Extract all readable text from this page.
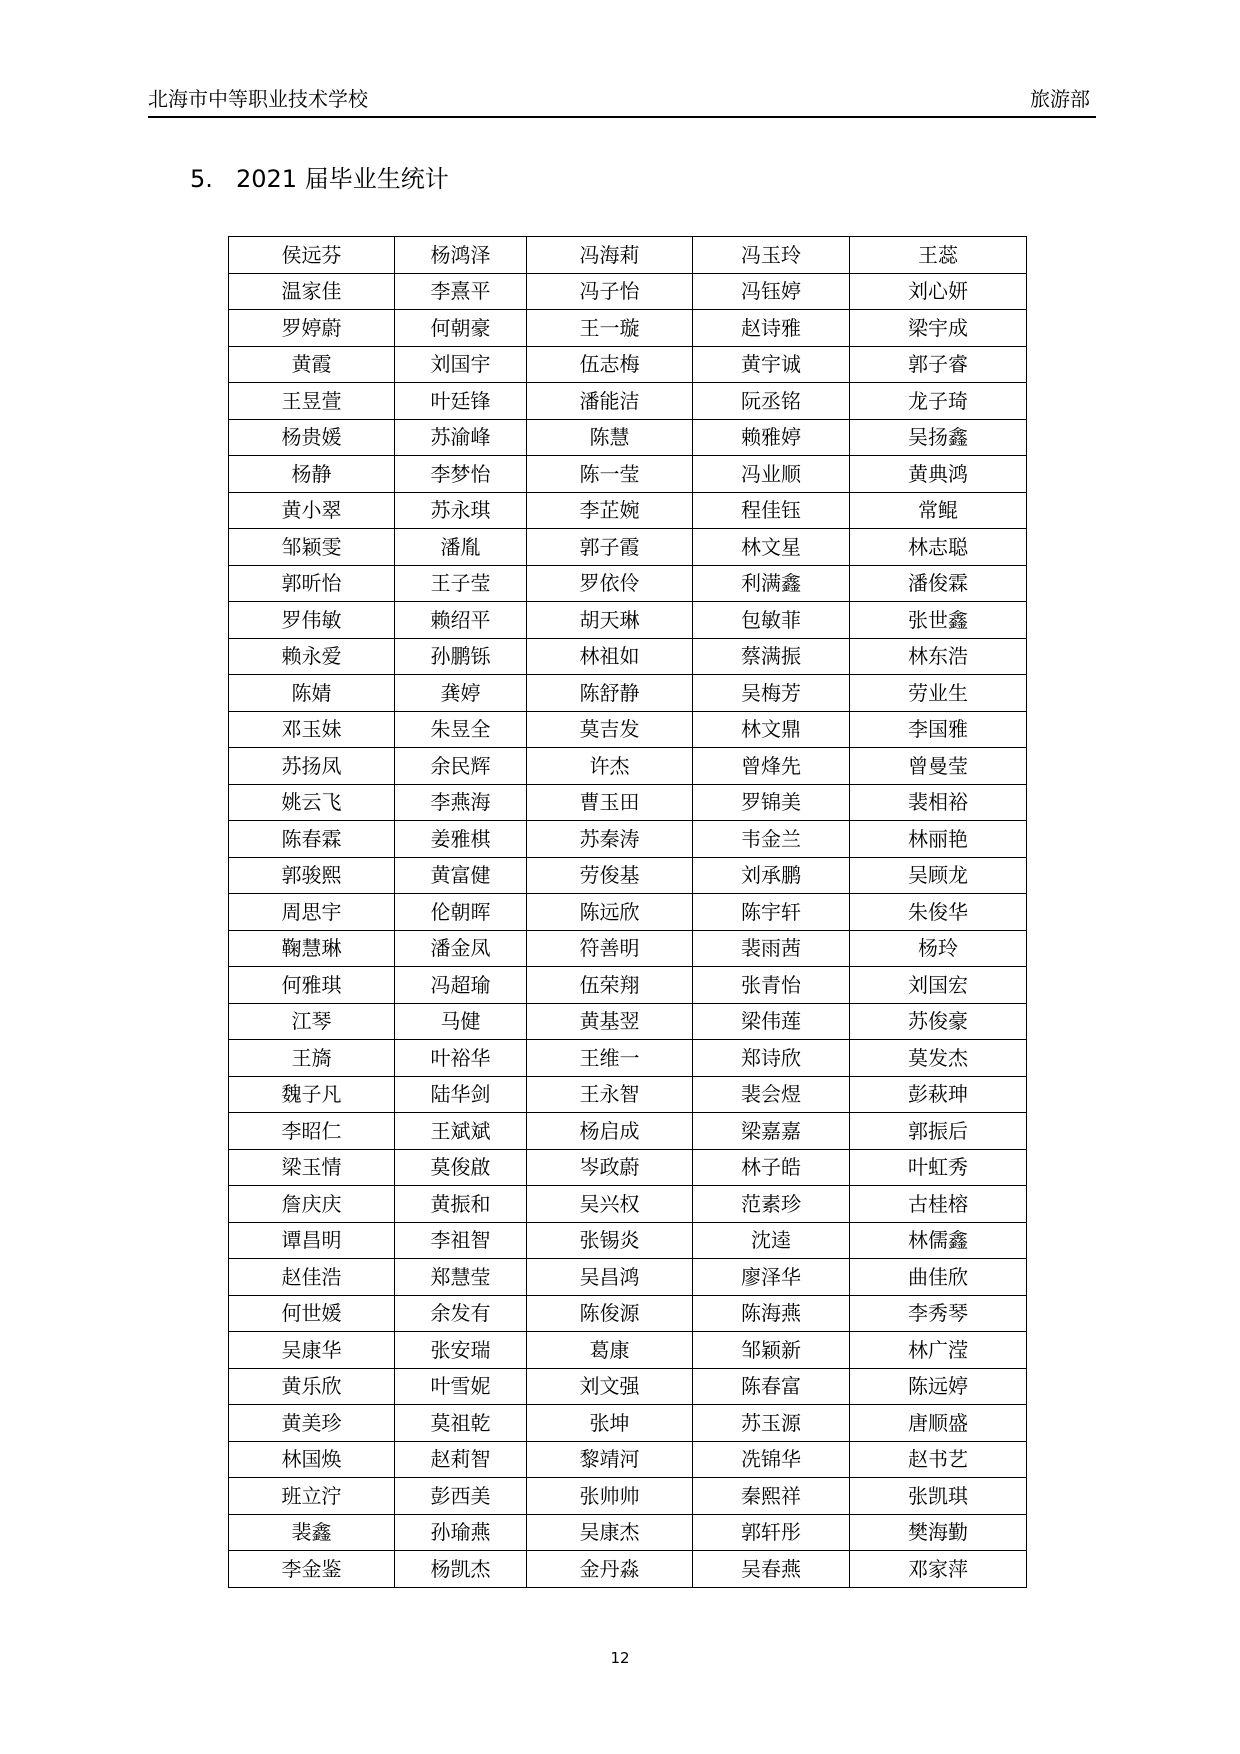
北海市中等职业技术学校	旅游部
5. 2021 届毕业生统计
侯远芬	杨鸿泽	冯海莉	冯玉玲	王蕊
温家佳	李熹平	冯子怡	冯钰婷	刘心妍
罗婷蔚	何朝豪	王一璇	赵诗雅	梁宇成
黄霞	刘国宇	伍志梅	黄宇诚	郭子睿
王昱萱	叶廷锋	潘能洁	阮丞铭	龙子琦
杨贵媛	苏渝峰	陈慧	赖雅婷	吴扬鑫
杨静	李梦怡	陈一莹	冯业顺	黄典鸿
黄小翠	苏永琪	李芷婉	程佳钰	常鲲
邹颖雯	潘胤	郭子霞	林文星	林志聪
郭昕怡	王子莹	罗依伶	利满鑫	潘俊霖
罗伟敏	赖绍平	胡天琳	包敏菲	张世鑫
赖永爱	孙鹏铄	林祖如	蔡满振	林东浩
陈婧	龚婷	陈舒静	吴梅芳	劳业生
邓玉妹	朱昱全	莫吉发	林文鼎	李国雅
苏扬凤	余民辉	许杰	曾烽先	曾曼莹
姚云飞	李燕海	曹玉田	罗锦美	裴相裕
陈春霖	姜雅棋	苏秦涛	韦金兰	林丽艳
郭骏熙	黄富健	劳俊基	刘承鹏	吴顾龙
周思宇	伦朝晖	陈远欣	陈宇轩	朱俊华
鞠慧琳	潘金凤	符善明	裴雨茜	杨玲
何雅琪	冯超瑜	伍荣翔	张青怡	刘国宏
江琴	马健	黄基翌	梁伟莲	苏俊豪
王旖	叶裕华	王维一	郑诗欣	莫发杰
魏子凡	陆华剑	王永智	裴会煜	彭萩珅
李昭仁	王斌斌	杨启成	梁嘉嘉	郭振后
梁玉情	莫俊啟	岑政蔚	林子皓	叶虹秀
詹庆庆	黄振和	吴兴权	范素珍	古桂榕
谭昌明	李祖智	张锡炎	沈逵	林儒鑫
赵佳浩	郑慧莹	吴昌鸿	廖泽华	曲佳欣
何世媛	余发有	陈俊源	陈海燕	李秀琴
吴康华	张安瑞	葛康	邹颖新	林广滢
黄乐欣	叶雪妮	刘文强	陈春富	陈远婷
黄美珍	莫祖乾	张坤	苏玉源	唐顺盛
林国焕	赵莉智	黎靖河	冼锦华	赵书艺
班立泞	彭西美	张帅帅	秦熙祥	张凯琪
裴鑫	孙瑜燕	吴康杰	郭轩彤	樊海勤
李金鉴	杨凯杰	金丹淼	吴春燕	邓家萍
12
